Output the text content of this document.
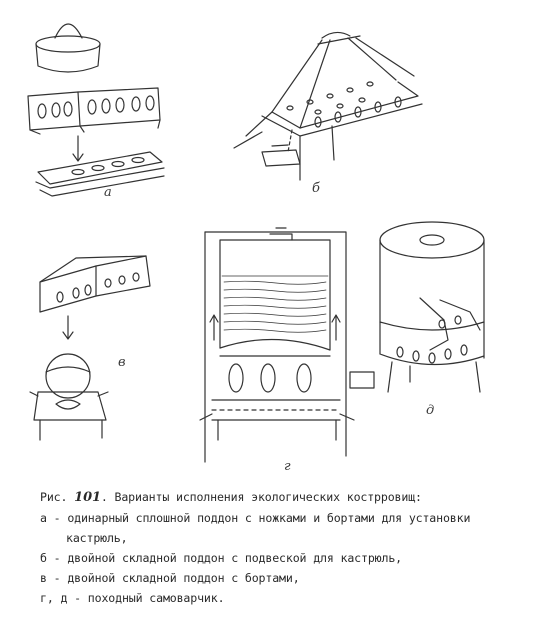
а	б
в
г
д
Рис. 101. Варианты исполнения экологических кострровищ:
а - одинарный сплошной поддон с ножками и бортами для установки
кастрюль,
б - двойной складной поддон с подвеской для кастрюль,
в - двойной складной поддон с бортами,
г, д - походный самоварчик.
